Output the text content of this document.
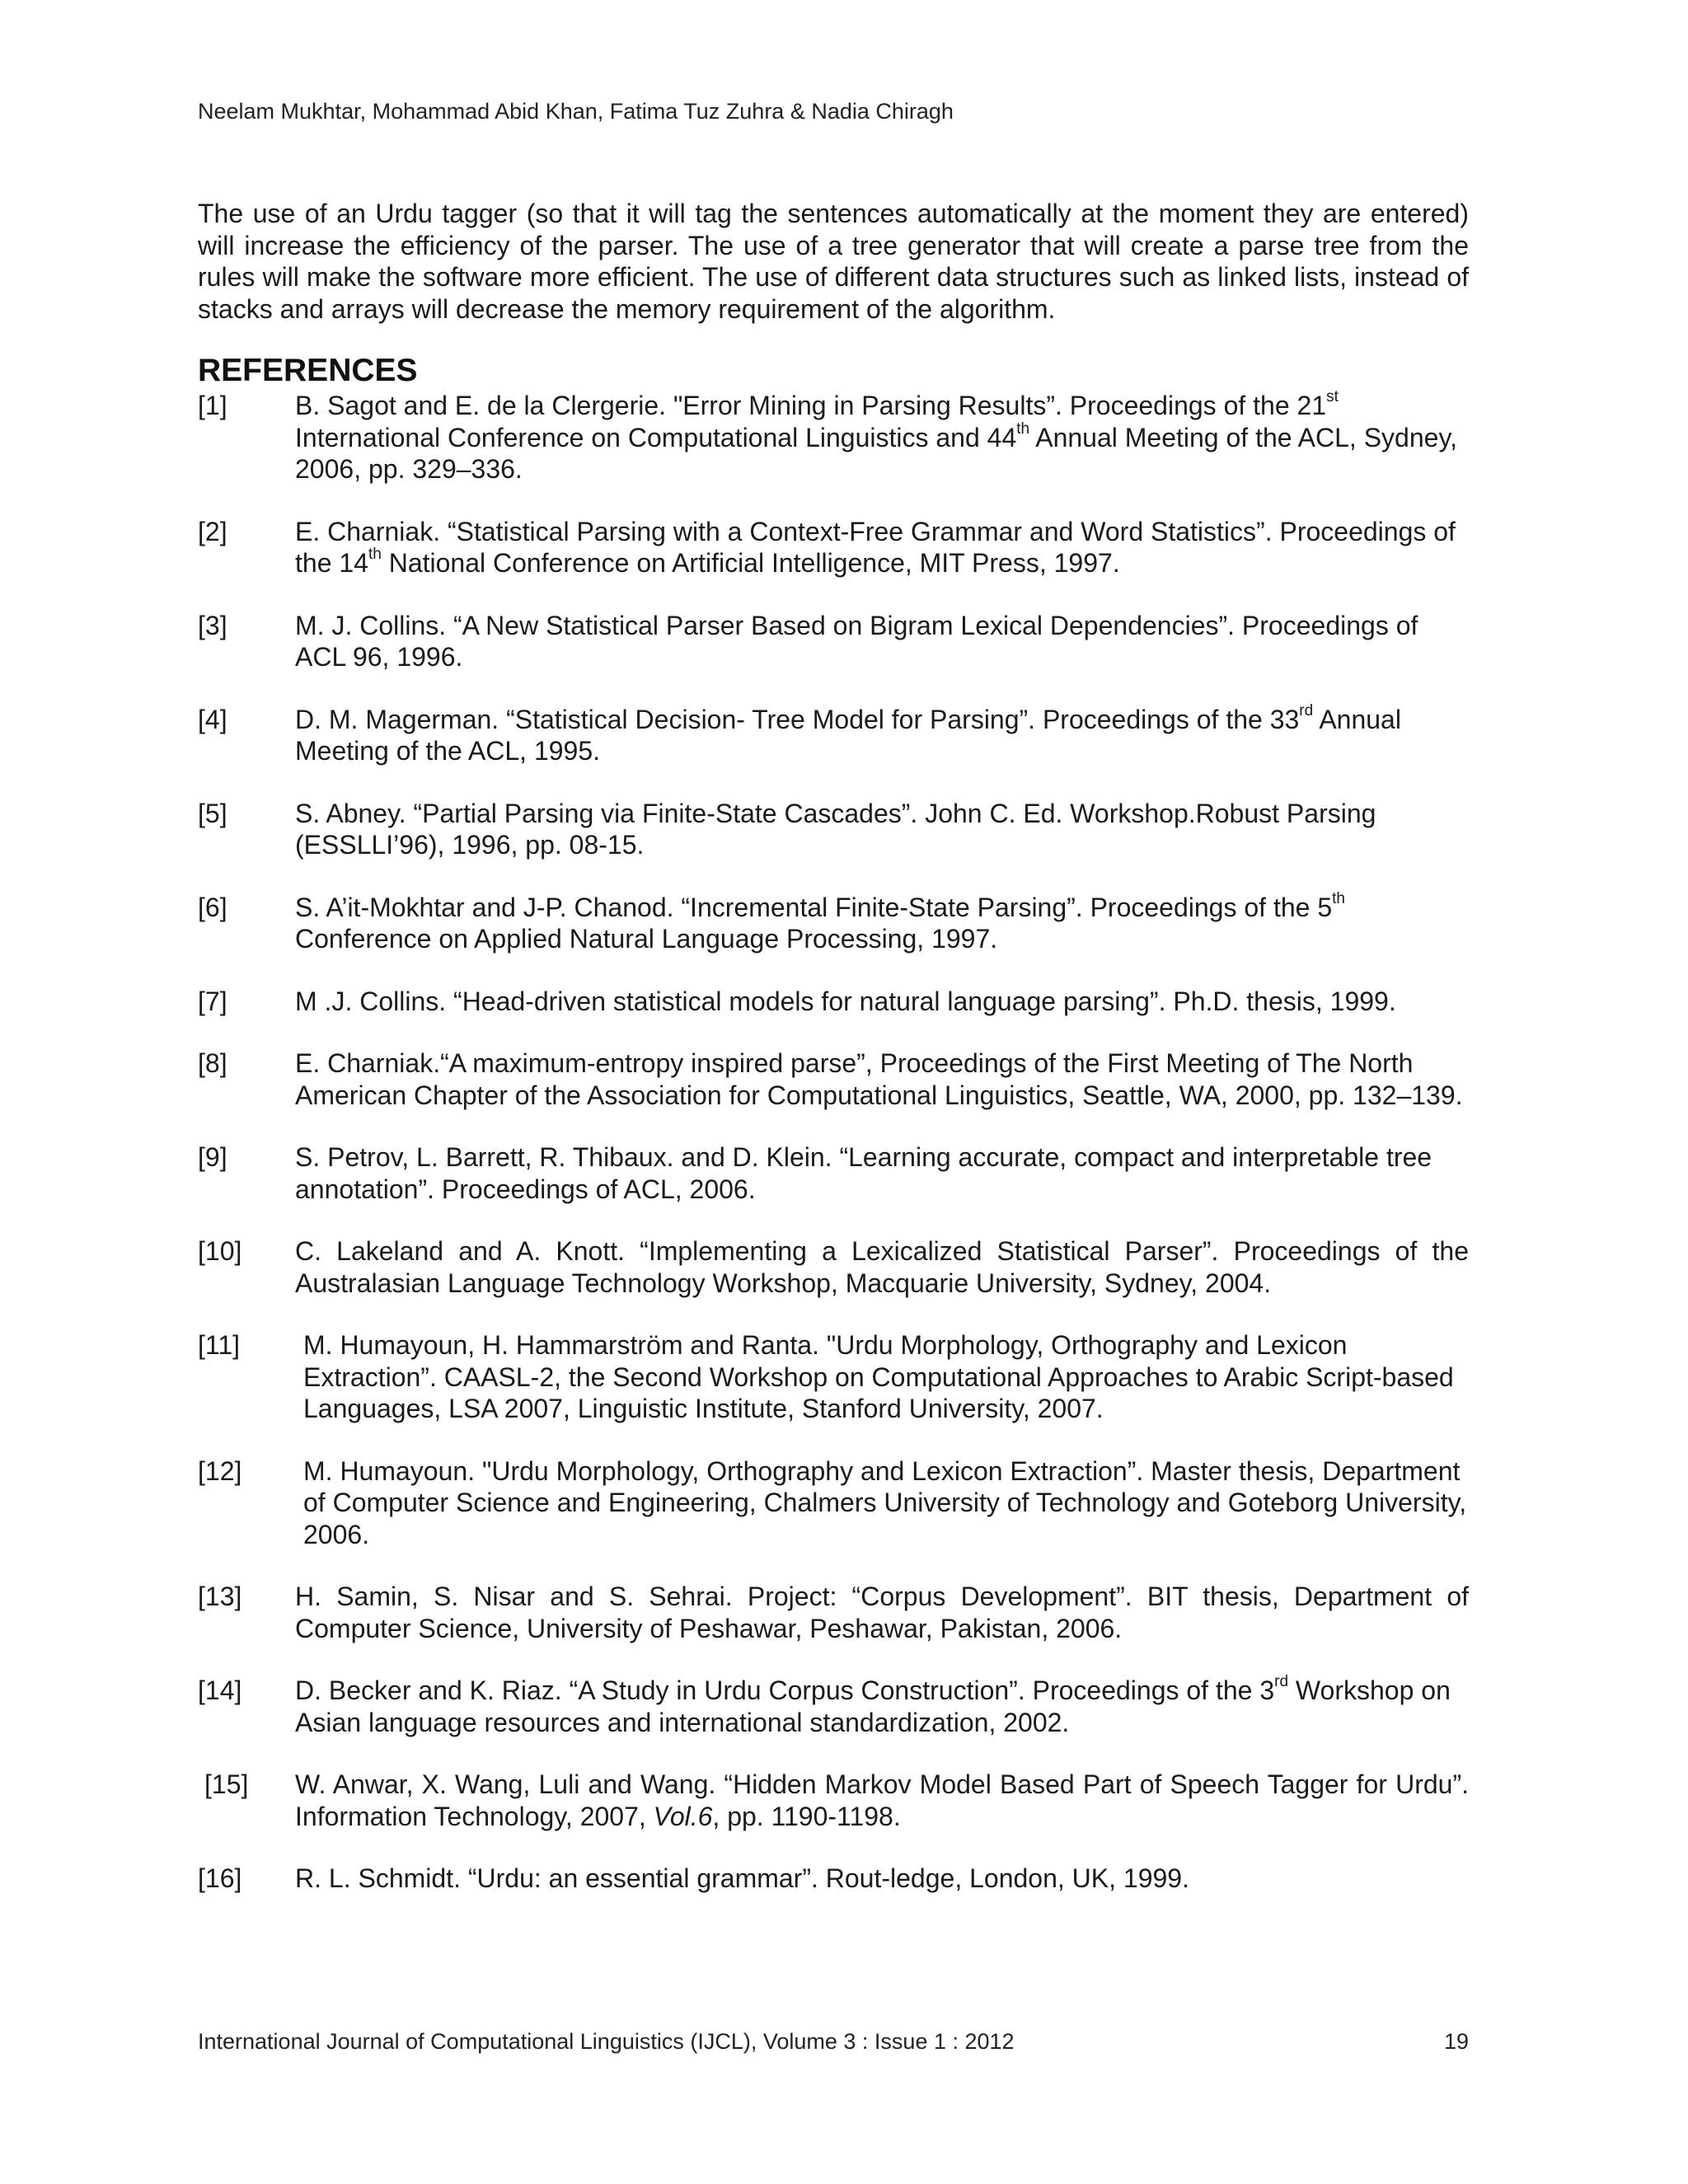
Neelam Mukhtar, Mohammad Abid Khan, Fatima Tuz Zuhra & Nadia Chiragh

The use of an Urdu tagger (so that it will tag the sentences automatically at the moment they are entered) will increase the efficiency of the parser. The use of a tree generator that will create a parse tree from the rules will make the software more efficient. The use of different data structures such as linked lists, instead of stacks and arrays will decrease the memory requirement of the algorithm.

REFERENCES
[1]	B. Sagot and E. de la Clergerie. "Error Mining in Parsing Results”. Proceedings of the 21st International Conference on Computational Linguistics and 44th Annual Meeting of the ACL, Sydney, 2006, pp. 329–336.
[2]	E. Charniak. “Statistical Parsing with a Context-Free Grammar and Word Statistics”. Proceedings of the 14th National Conference on Artificial Intelligence, MIT Press, 1997.
[3]	M. J. Collins. “A New Statistical Parser Based on Bigram Lexical Dependencies”. Proceedings of ACL 96, 1996.
[4]	D. M. Magerman. “Statistical Decision- Tree Model for Parsing”. Proceedings of the 33rd Annual Meeting of the ACL, 1995.
[5]	S. Abney. “Partial Parsing via Finite-State Cascades”. John C. Ed. Workshop.Robust Parsing (ESSLLI’96), 1996, pp. 08-15.
[6]	S. A’it-Mokhtar and J-P. Chanod. “Incremental Finite-State Parsing”. Proceedings of the 5th Conference on Applied Natural Language Processing, 1997.
[7]	M .J. Collins. “Head-driven statistical models for natural language parsing”. Ph.D. thesis, 1999.
[8]	E. Charniak.“A maximum-entropy inspired parse”, Proceedings of the First Meeting of The North American Chapter of the Association for Computational Linguistics, Seattle, WA, 2000, pp. 132–139.
[9]	S. Petrov, L. Barrett, R. Thibaux. and D. Klein. “Learning accurate, compact and interpretable tree annotation”. Proceedings of ACL, 2006.
[10] C. Lakeland and A. Knott. “Implementing a Lexicalized Statistical Parser”. Proceedings of the Australasian Language Technology Workshop, Macquarie University, Sydney, 2004.
[11] M. Humayoun, H. Hammarström and Ranta. "Urdu Morphology, Orthography and Lexicon Extraction”. CAASL-2, the Second Workshop on Computational Approaches to Arabic Script-based Languages, LSA 2007, Linguistic Institute, Stanford University, 2007.
[12] M. Humayoun. "Urdu Morphology, Orthography and Lexicon Extraction”. Master thesis, Department of Computer Science and Engineering, Chalmers University of Technology and Goteborg University, 2006.
[13] H. Samin, S. Nisar and S. Sehrai. Project: “Corpus Development”. BIT thesis, Department of Computer Science, University of Peshawar, Peshawar, Pakistan, 2006.
[14] D. Becker and K. Riaz. “A Study in Urdu Corpus Construction”. Proceedings of the 3rd Workshop on Asian language resources and international standardization, 2002.
[15] W. Anwar, X. Wang, Luli and Wang. “Hidden Markov Model Based Part of Speech Tagger for Urdu”. Information Technology, 2007, Vol.6, pp. 1190-1198.
[16] R. L. Schmidt. “Urdu: an essential grammar”. Rout-ledge, London, UK, 1999.
International Journal of Computational Linguistics (IJCL), Volume 3 : Issue 1 : 2012	19
